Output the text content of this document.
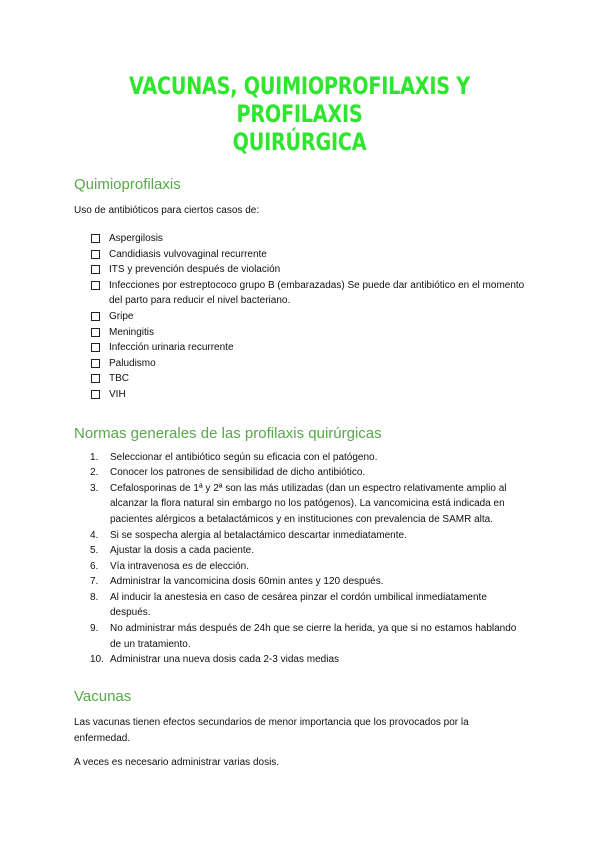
VACUNAS, QUIMIOPROFILAXIS Y PROFILAXIS
QUIRÚRGICA
Quimioprofilaxis

Uso de antibióticos para ciertos casos de:

Aspergilosis
Candidiasis vulvovaginal recurrente
ITS y prevención después de violación
Infecciones por estreptococo grupo B (embarazadas) Se puede dar antibiótico en el momento del parto para reducir el nivel bacteriano.
Gripe
Meningitis
Infección urinaria recurrente
Paludismo
TBC
VIH
Normas generales de las profilaxis quirúrgicas
1.	Seleccionar el antibiótico según su eficacia con el patógeno.
2.	Conocer los patrones de sensibilidad de dicho antibiótico.
3.	Cefalosporinas de 1ª y 2ª son las más utilizadas (dan un espectro relativamente amplio al alcanzar la flora natural sin embargo no los patógenos). La vancomicina está indicada en pacientes alérgicos a betalactámicos y en instituciones con prevalencia de SAMR alta.
4.	Si se sospecha alergia al betalactámico descartar inmediatamente.
5.	Ajustar la dosis a cada paciente.
6.	Vía intravenosa es de elección.
7.	Administrar la vancomicina dosis 60min antes y 120 después.
8.	Al inducir la anestesia en caso de cesárea pinzar el cordón umbilical inmediatamente después.
9.	No administrar más después de 24h que se cierre la herida, ya que si no estamos hablando de un tratamiento.
10. Administrar una nueva dosis cada 2-3 vidas medias
Vacunas

Las vacunas tienen efectos secundarios de menor importancia que los provocados por la enfermedad.

A veces es necesario administrar varias dosis.
